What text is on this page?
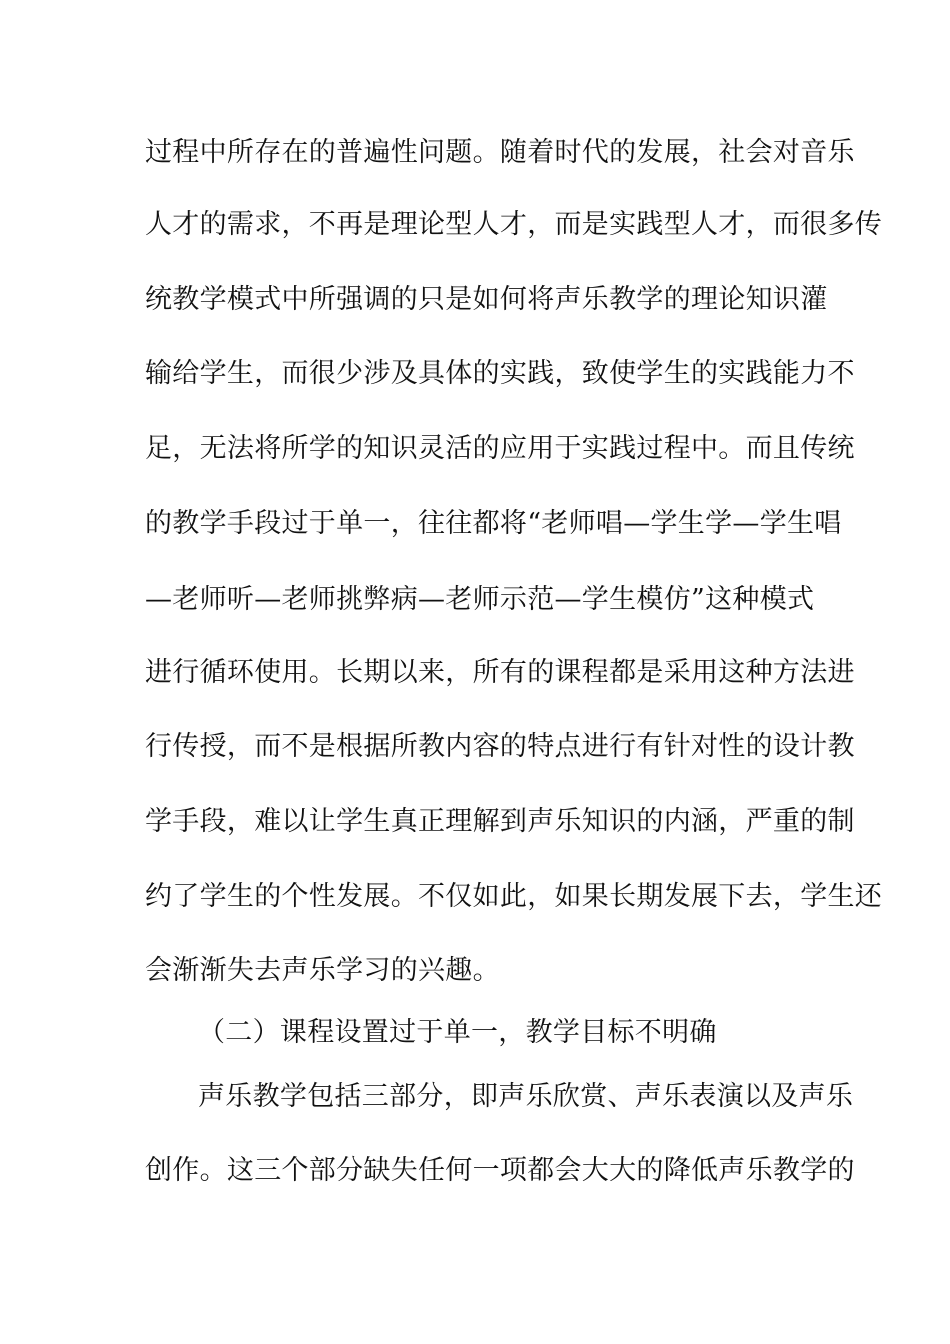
过程中所存在的普遍性问题。随着时代的发展，社会对音乐
人才的需求，不再是理论型人才，而是实践型人才，而很多传
统教学模式中所强调的只是如何将声乐教学的理论知识灌
输给学生，而很少涉及具体的实践，致使学生的实践能力不
足，无法将所学的知识灵活的应用于实践过程中。而且传统
的教学手段过于单一，往往都将“老师唱—学生学—学生唱
—老师听—老师挑弊病—老师示范—学生模仿”这种模式
进行循环使用。长期以来，所有的课程都是采用这种方法进
行传授，而不是根据所教内容的特点进行有针对性的设计教
学手段，难以让学生真正理解到声乐知识的内涵，严重的制
约了学生的个性发展。不仅如此，如果长期发展下去，学生还
会渐渐失去声乐学习的兴趣。
（二）课程设置过于单一，教学目标不明确
声乐教学包括三部分，即声乐欣赏、声乐表演以及声乐
创作。这三个部分缺失任何一项都会大大的降低声乐教学的
